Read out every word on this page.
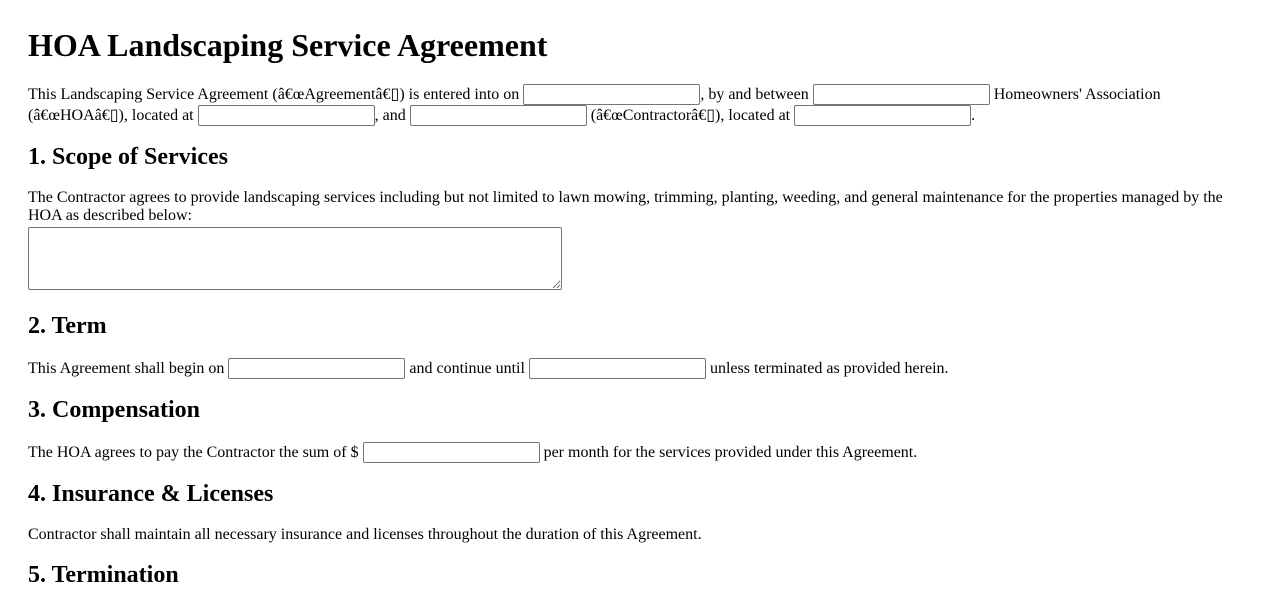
HOA Landscaping Service Agreement

This Landscaping Service Agreement (â€œAgreementâ€▯) is entered into on	, by and between	Homeowners' Association (â€œHOAâ€▯), located at	, and	(â€œContractorâ€▯), located at	.

1. Scope of Services

The Contractor agrees to provide landscaping services including but not limited to lawn mowing, trimming, planting, weeding, and general maintenance for the properties managed by the HOA as described below:

2. Term

This Agreement shall begin on	and continue until	unless terminated as provided herein.

3. Compensation

The HOA agrees to pay the Contractor the sum of $	per month for the services provided under this Agreement.

4. Insurance & Licenses

Contractor shall maintain all necessary insurance and licenses throughout the duration of this Agreement.

5. Termination
